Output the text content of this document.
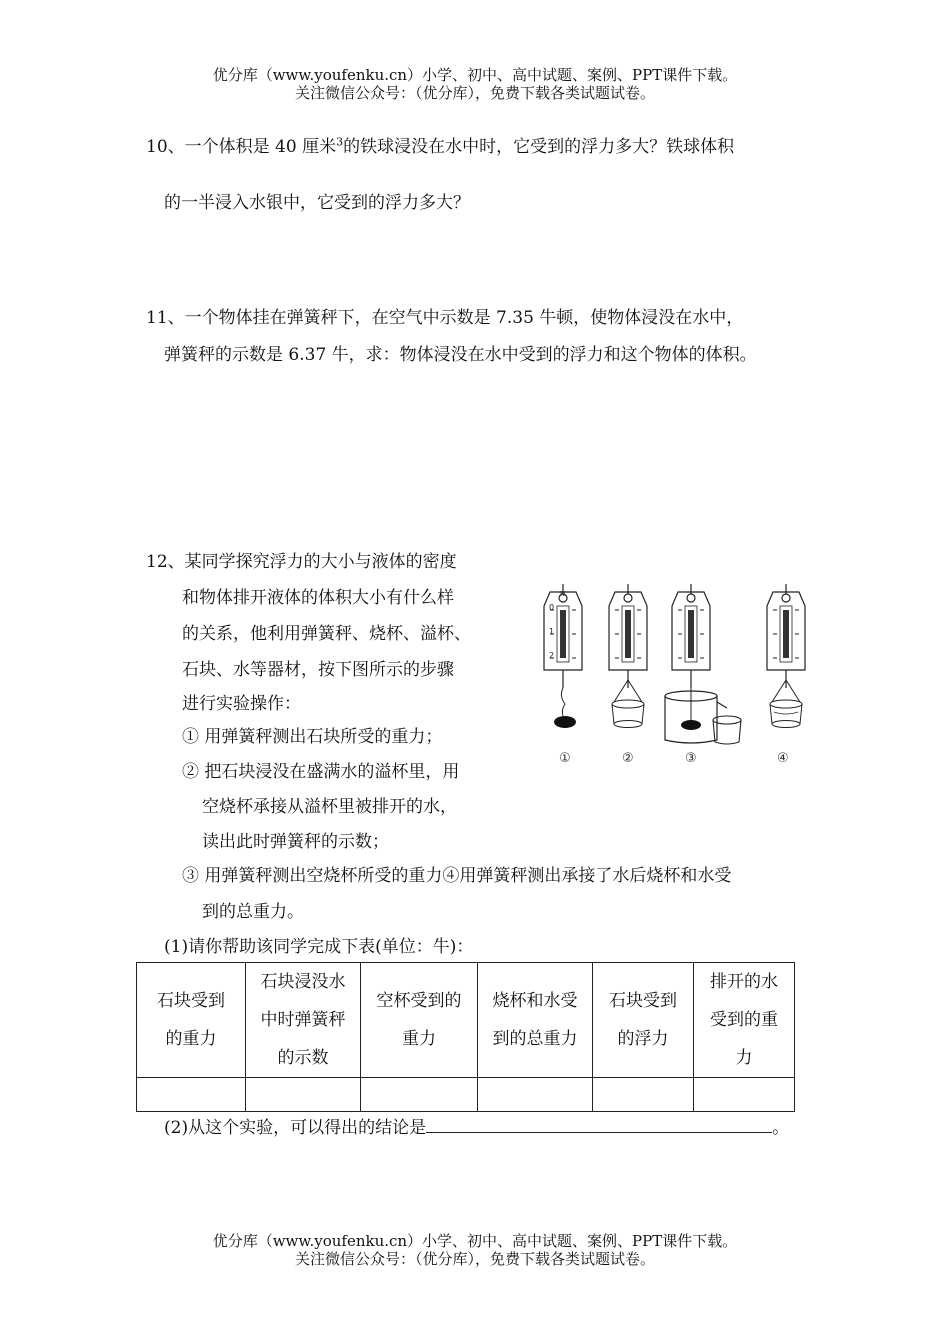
优分库（www.youfenku.cn）小学、初中、高中试题、案例、PPT课件下载。
关注微信公众号：（优分库），免费下载各类试题试卷。
10、一个体积是 40 厘米$^3$的铁球浸没在水中时，它受到的浮力多大？铁球体积
的一半浸入水银中，它受到的浮力多大？
11、一个物体挂在弹簧秤下，在空气中示数是 7.35 牛顿，使物体浸没在水中，
弹簧秤的示数是 6.37 牛，求：物体浸没在水中受到的浮力和这个物体的体积。
12、某同学探究浮力的大小与液体的密度
和物体排开液体的体积大小有什么样
的关系，他利用弹簧秤、烧杯、溢杯、
石块、水等器材，按下图所示的步骤
进行实验操作：
① 用弹簧秤测出石块所受的重力；
② 把石块浸没在盛满水的溢杯里，用
空烧杯承接从溢杯里被排开的水，
读出此时弹簧秤的示数；
③ 用弹簧秤测出空烧杯所受的重力④用弹簧秤测出承接了水后烧杯和水受
到的总重力。
(1)请你帮助该同学完成下表(单位：牛)：
0
1
2
N
①	②	③	④
石块受到
的重力	石块浸没水
中时弹簧秤
的示数	空杯受到的
重力	烧杯和水受
到的总重力	石块受到
的浮力	排开的水
受到的重
力

(2)从这个实验，可以得出的结论是	。
优分库（www.youfenku.cn）小学、初中、高中试题、案例、PPT课件下载。
关注微信公众号：（优分库），免费下载各类试题试卷。
